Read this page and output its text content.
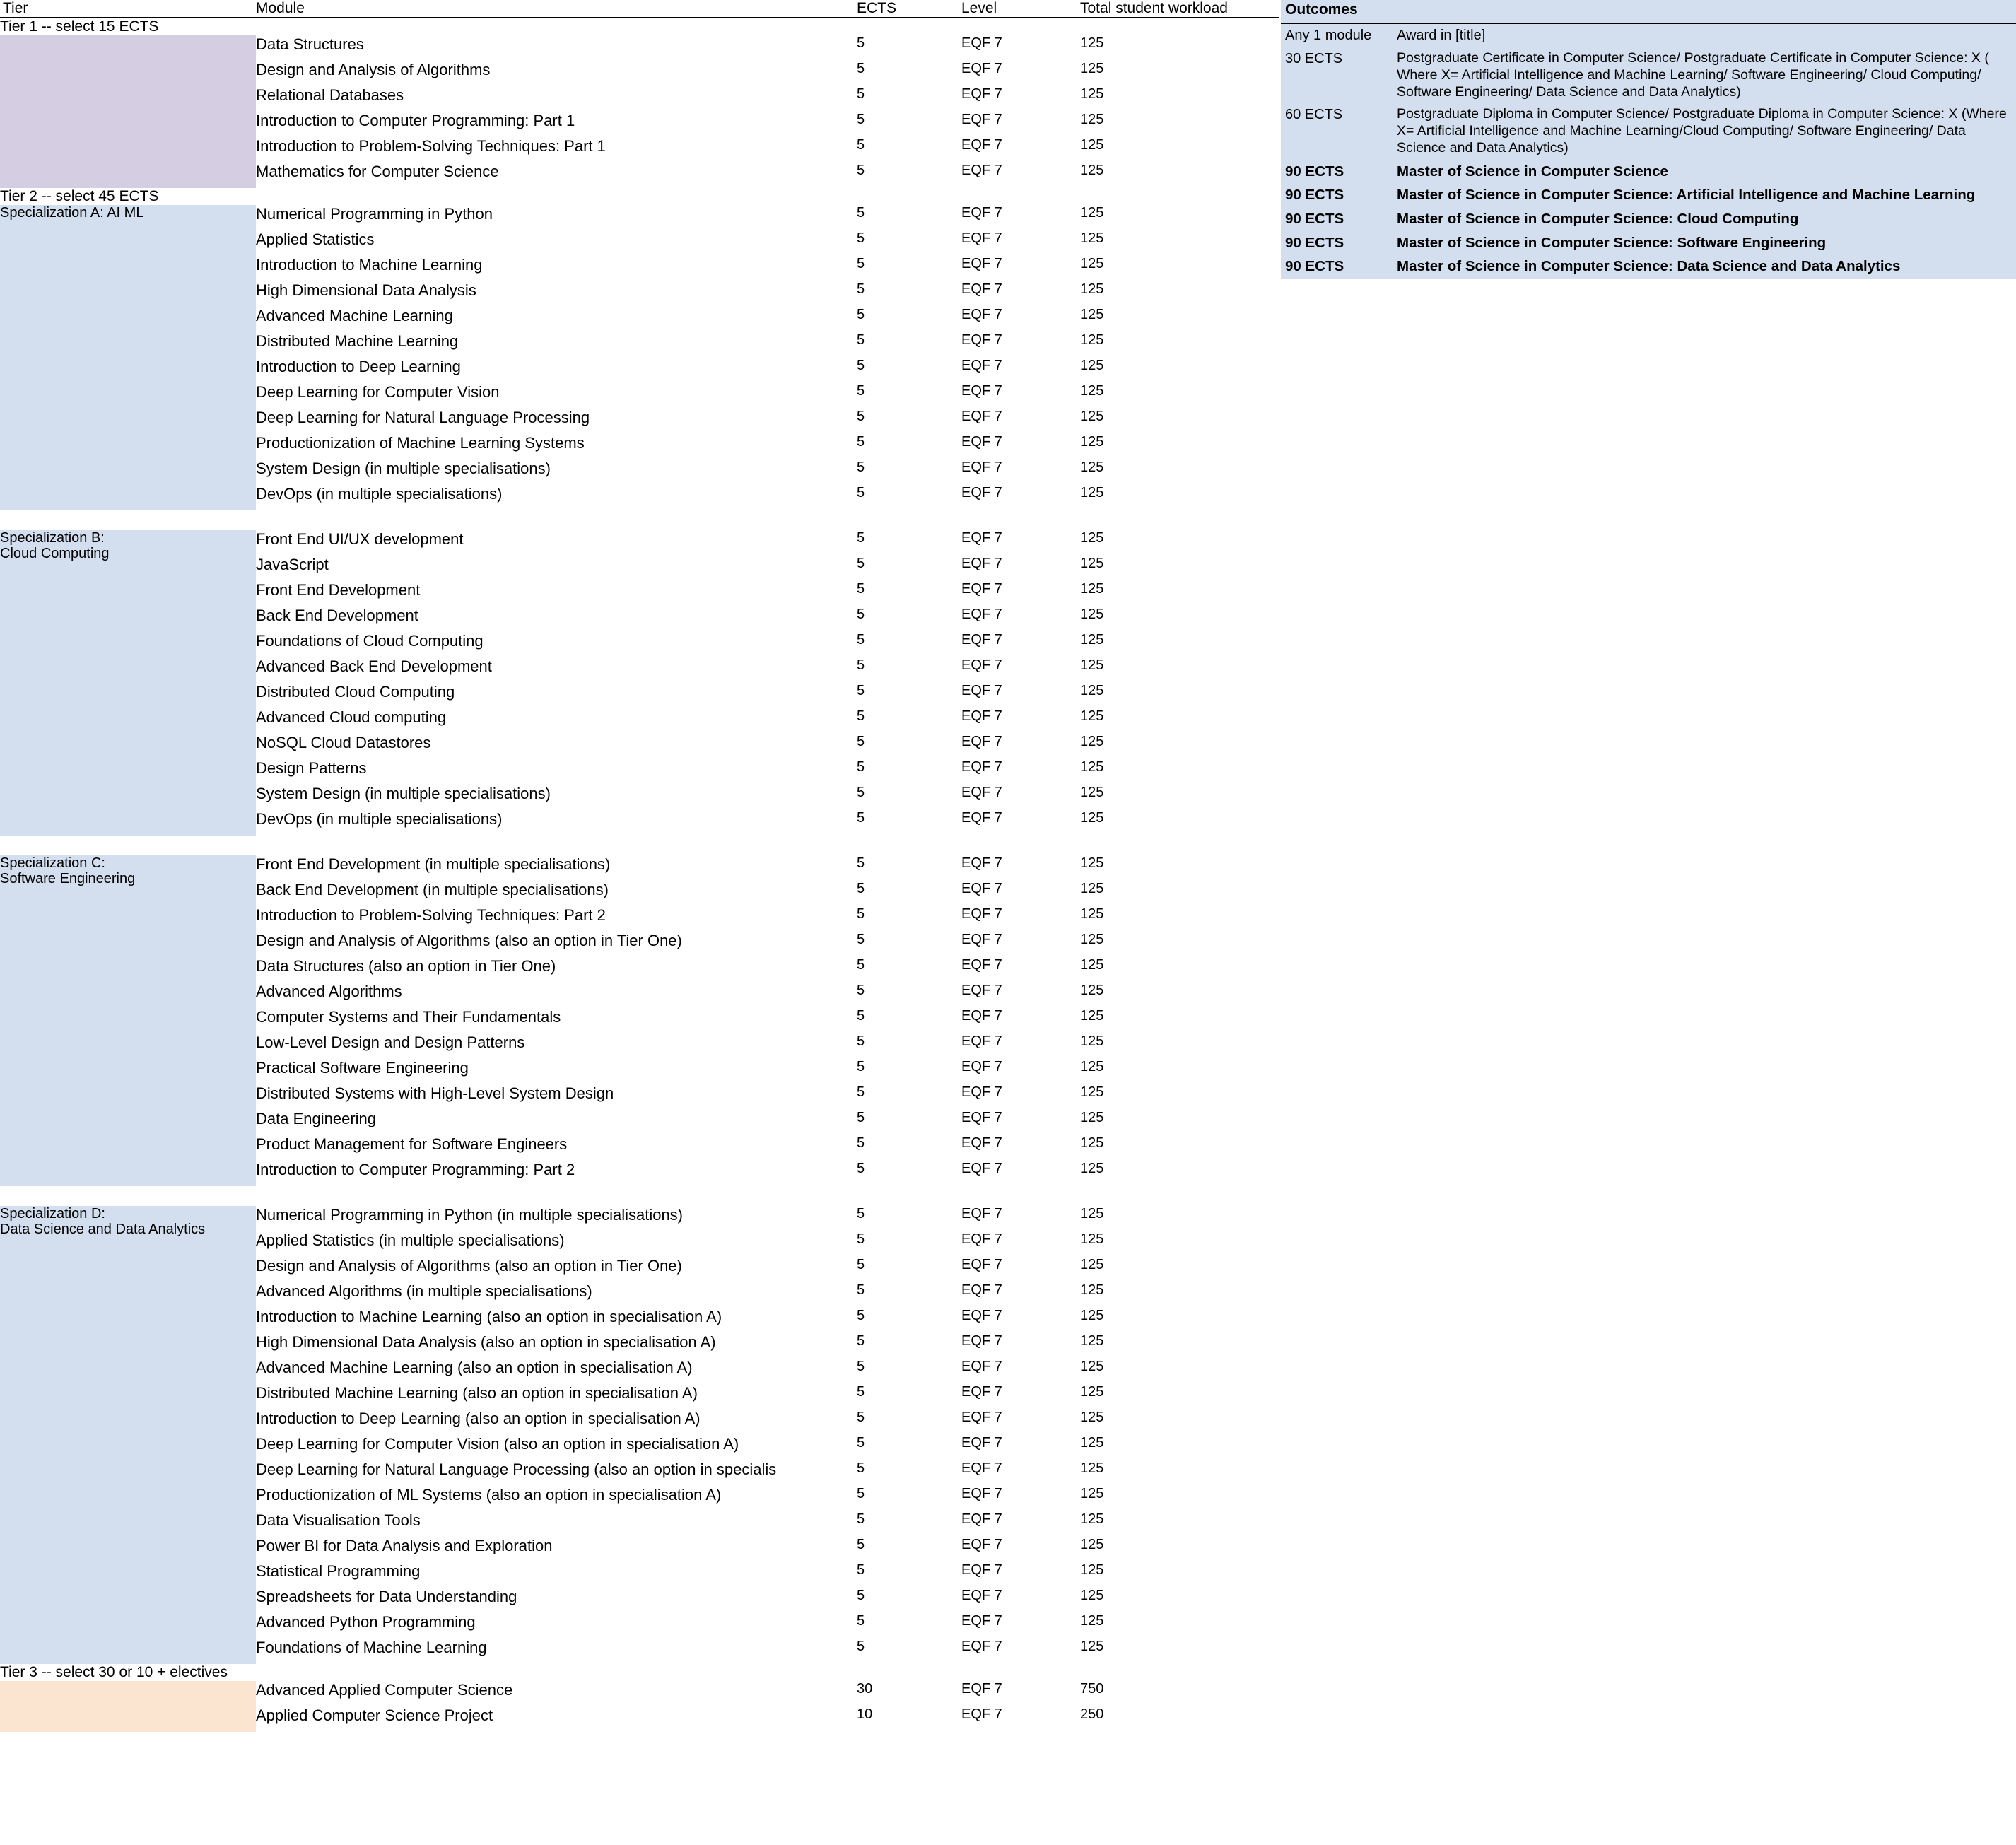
Tier	Module	ECTS	Level	Total student workload
Tier 1 -- select 15 ECTS				
	Data Structures	5	EQF 7	125
	Design and Analysis of Algorithms	5	EQF 7	125
	Relational Databases	5	EQF 7	125
	Introduction to Computer Programming: Part 1	5	EQF 7	125
	Introduction to Problem-Solving Techniques: Part 1	5	EQF 7	125
	Mathematics for Computer Science	5	EQF 7	125
Tier 2 -- select 45 ECTS				

Specialization A: AI ML	Numerical Programming in Python	5	EQF 7	125
	Applied Statistics	5	EQF 7	125
	Introduction to Machine Learning	5	EQF 7	125
	High Dimensional Data Analysis	5	EQF 7	125
	Advanced Machine Learning	5	EQF 7	125
	Distributed Machine Learning	5	EQF 7	125
	Introduction to Deep Learning	5	EQF 7	125
	Deep Learning for Computer Vision	5	EQF 7	125
	Deep Learning for Natural Language Processing	5	EQF 7	125
	Productionization of Machine Learning Systems	5	EQF 7	125
	System Design (in multiple specialisations)	5	EQF 7	125
	DevOps (in multiple specialisations)	5	EQF 7	125

Specialization B:
Cloud Computing	Front End UI/UX development	5	EQF 7	125
	JavaScript	5	EQF 7	125
	Front End Development	5	EQF 7	125
	Back End Development	5	EQF 7	125
	Foundations of Cloud Computing	5	EQF 7	125
	Advanced Back End Development	5	EQF 7	125
	Distributed Cloud Computing	5	EQF 7	125
	Advanced Cloud computing	5	EQF 7	125
	NoSQL Cloud Datastores	5	EQF 7	125
	Design Patterns	5	EQF 7	125
	System Design (in multiple specialisations)	5	EQF 7	125
	DevOps (in multiple specialisations)	5	EQF 7	125

Specialization C:
Software Engineering	Front End Development (in multiple specialisations)	5	EQF 7	125
	Back End Development (in multiple specialisations)	5	EQF 7	125
	Introduction to Problem-Solving Techniques: Part 2	5	EQF 7	125
	Design and Analysis of Algorithms (also an option in Tier One)	5	EQF 7	125
	Data Structures (also an option in Tier One)	5	EQF 7	125
	Advanced Algorithms	5	EQF 7	125
	Computer Systems and Their Fundamentals	5	EQF 7	125
	Low-Level Design and Design Patterns	5	EQF 7	125
	Practical Software Engineering	5	EQF 7	125
	Distributed Systems with High-Level System Design	5	EQF 7	125
	Data Engineering	5	EQF 7	125
	Product Management for Software Engineers	5	EQF 7	125
	Introduction to Computer Programming: Part 2	5	EQF 7	125

Specialization D:
Data Science and Data Analytics	Numerical Programming in Python (in multiple specialisations)	5	EQF 7	125
	Applied Statistics (in multiple specialisations)	5	EQF 7	125
	Design and Analysis of Algorithms (also an option in Tier One)	5	EQF 7	125
	Advanced Algorithms (in multiple specialisations)	5	EQF 7	125
	Introduction to Machine Learning (also an option in specialisation A)	5	EQF 7	125
	High Dimensional Data Analysis (also an option in specialisation A)	5	EQF 7	125
	Advanced Machine Learning (also an option in specialisation A)	5	EQF 7	125
	Distributed Machine Learning (also an option in specialisation A)	5	EQF 7	125
	Introduction to Deep Learning (also an option in specialisation A)	5	EQF 7	125
	Deep Learning for Computer Vision (also an option in specialisation A)	5	EQF 7	125
	Deep Learning for Natural Language Processing (also an option in specialis	5	EQF 7	125
	Productionization of ML Systems (also an option in specialisation A)	5	EQF 7	125
	Data Visualisation Tools	5	EQF 7	125
	Power BI for Data Analysis and Exploration	5	EQF 7	125
	Statistical Programming	5	EQF 7	125
	Spreadsheets for Data Understanding	5	EQF 7	125
	Advanced Python Programming	5	EQF 7	125
	Foundations of Machine Learning	5	EQF 7	125
Tier 3 -- select 30 or 10 + electives				
	Advanced Applied Computer Science	30	EQF 7	750
	Applied Computer Science Project	10	EQF 7	250
Outcomes
Any 1 module	Award in [title]
30 ECTS	Postgraduate Certificate in Computer Science/ Postgraduate Certificate in Computer Science: X ( Where X= Artificial Intelligence and Machine Learning/ Software Engineering/ Cloud Computing/ Software Engineering/ Data Science and Data Analytics)
60 ECTS	Postgraduate Diploma in Computer Science/ Postgraduate Diploma in Computer Science: X (Where X= Artificial Intelligence and Machine Learning/Cloud Computing/ Software Engineering/ Data Science and Data Analytics)
90 ECTS	Master of Science in Computer Science
90 ECTS	Master of Science in Computer Science: Artificial Intelligence and Machine Learning
90 ECTS	Master of Science in Computer Science: Cloud Computing
90 ECTS	Master of Science in Computer Science: Software Engineering
90 ECTS	Master of Science in Computer Science: Data Science and Data Analytics
